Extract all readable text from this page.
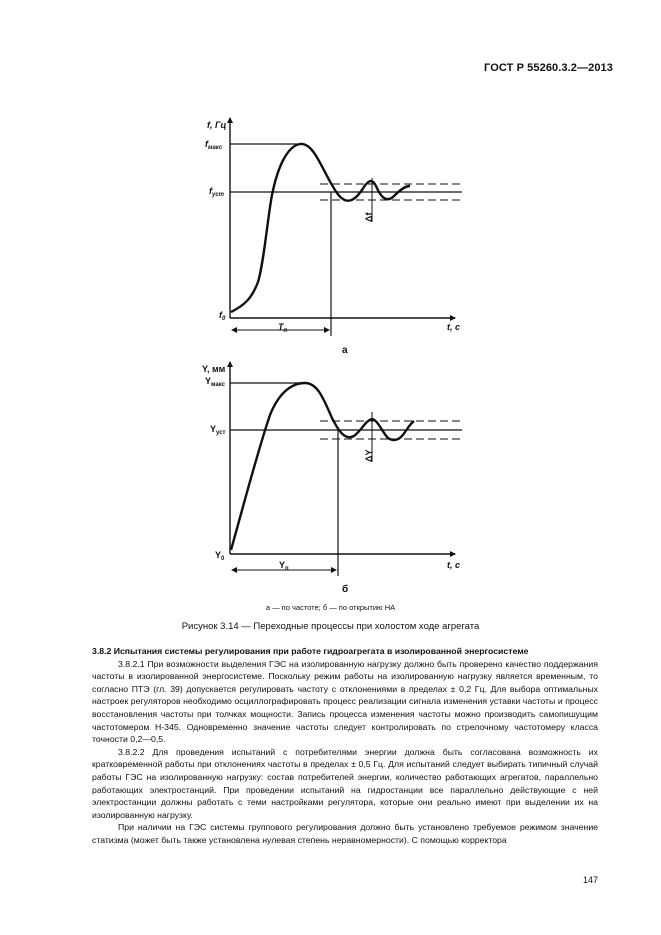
ГОСТ Р 55260.3.2—2013
f, Гц
$f_{макс}$
$f_{уст}$
$f_0$
Δf
$T_п$	t, с
а
Y, мм
$Y_{макс}$
$Y_{уст}$
$Y_0$
ΔY
$Y_п$	t, с
б
а — по частоте; б — по открытию НА
Рисунок 3.14 — Переходные процессы при холостом ходе агрегата
3.8.2 Испытания системы регулирования при работе гидроагрегата в изолированной энергосистеме

3.8.2.1 При возможности выделения ГЭС на изолированную нагрузку должно быть проверено качество поддержания частоты в изолированной энергосистеме. Поскольку режим работы на изолированную нагрузку является временным, то согласно ПТЭ (гл. 39) допускается регулировать частоту с отклонениями в пределах ± 0,2 Гц. Для выбора оптимальных настроек регуляторов необходимо осциллографировать процесс реализации сигнала изменения уставки частоты и процесс восстановления частоты при толчках мощности. Запись процесса изменения частоты можно производить самопишущим частотомером Н-345. Одновременно значение частоты следует контролировать по стрелочному частотомеру класса точности 0,2—0,5.

3.8.2.2 Для проведения испытаний с потребителями энергии должна быть согласована возможность их кратковременной работы при отклонениях частоты в пределах ± 0,5 Гц. Для испытаний следует выбирать типичный случай работы ГЭС на изолированную нагрузку: состав потребителей энергии, количество работающих агрегатов, параллельно работающих электростанций. При проведении испытаний на гидростанции все параллельно действующие с ней электростанции должны работать с теми настройками регулятора, которые они реально имеют при выделении их на изолированную нагрузку.

При наличии на ГЭС системы группового регулирования должно быть установлено требуемое режимом значение статизма (может быть также установлена нулевая степень неравномерности). С помощью корректора

147
